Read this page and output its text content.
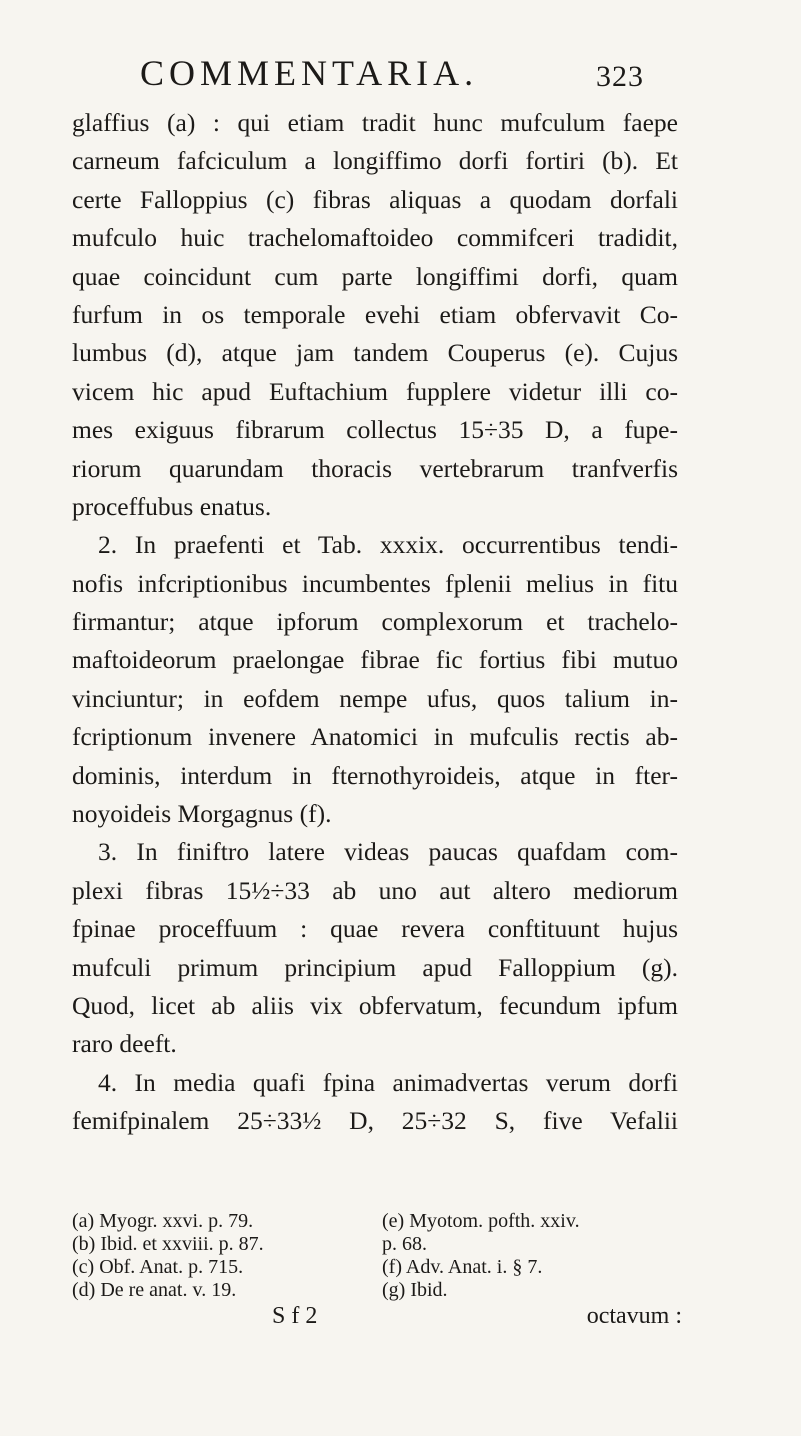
COMMENTARIA.	323
glaffius (a) : qui etiam tradit hunc mufculum faepe
carneum fafciculum a longiffimo dorfi fortiri (b). Et
certe Falloppius (c) fibras aliquas a quodam dorfali
mufculo huic trachelomaftoideo commifceri tradidit,
quae coincidunt cum parte longiffimi dorfi, quam
furfum in os temporale evehi etiam obfervavit Co-
lumbus (d), atque jam tandem Couperus (e). Cujus
vicem hic apud Euftachium fupplere videtur illi co-
mes exiguus fibrarum collectus 15÷35 D, a fupe-
riorum quarundam thoracis vertebrarum tranfverfis
proceffubus enatus.
2. In praefenti et Tab. xxxix. occurrentibus tendi-
nofis infcriptionibus incumbentes fplenii melius in fitu
firmantur; atque ipforum complexorum et trachelo-
maftoideorum praelongae fibrae fic fortius fibi mutuo
vinciuntur; in eofdem nempe ufus, quos talium in-
fcriptionum invenere Anatomici in mufculis rectis ab-
dominis, interdum in fternothyroideis, atque in fter-
noyoideis Morgagnus (f).
3. In finiftro latere videas paucas quafdam com-
plexi fibras 15½÷33 ab uno aut altero mediorum
fpinae proceffuum : quae revera conftituunt hujus
mufculi primum principium apud Falloppium (g).
Quod, licet ab aliis vix obfervatum, fecundum ipfum
raro deeft.
4. In media quafi fpina animadvertas verum dorfi
femifpinalem 25÷33½ D, 25÷32 S, five Vefalii
(a) Myogr. xxvi. p. 79.	(e) Myotom. pofth. xxiv.
(b) Ibid. et xxviii. p. 87.	p. 68.
(c) Obf. Anat. p. 715.	(f) Adv. Anat. i. § 7.
(d) De re anat. v. 19.	(g) Ibid.
S f 2	octavum :
